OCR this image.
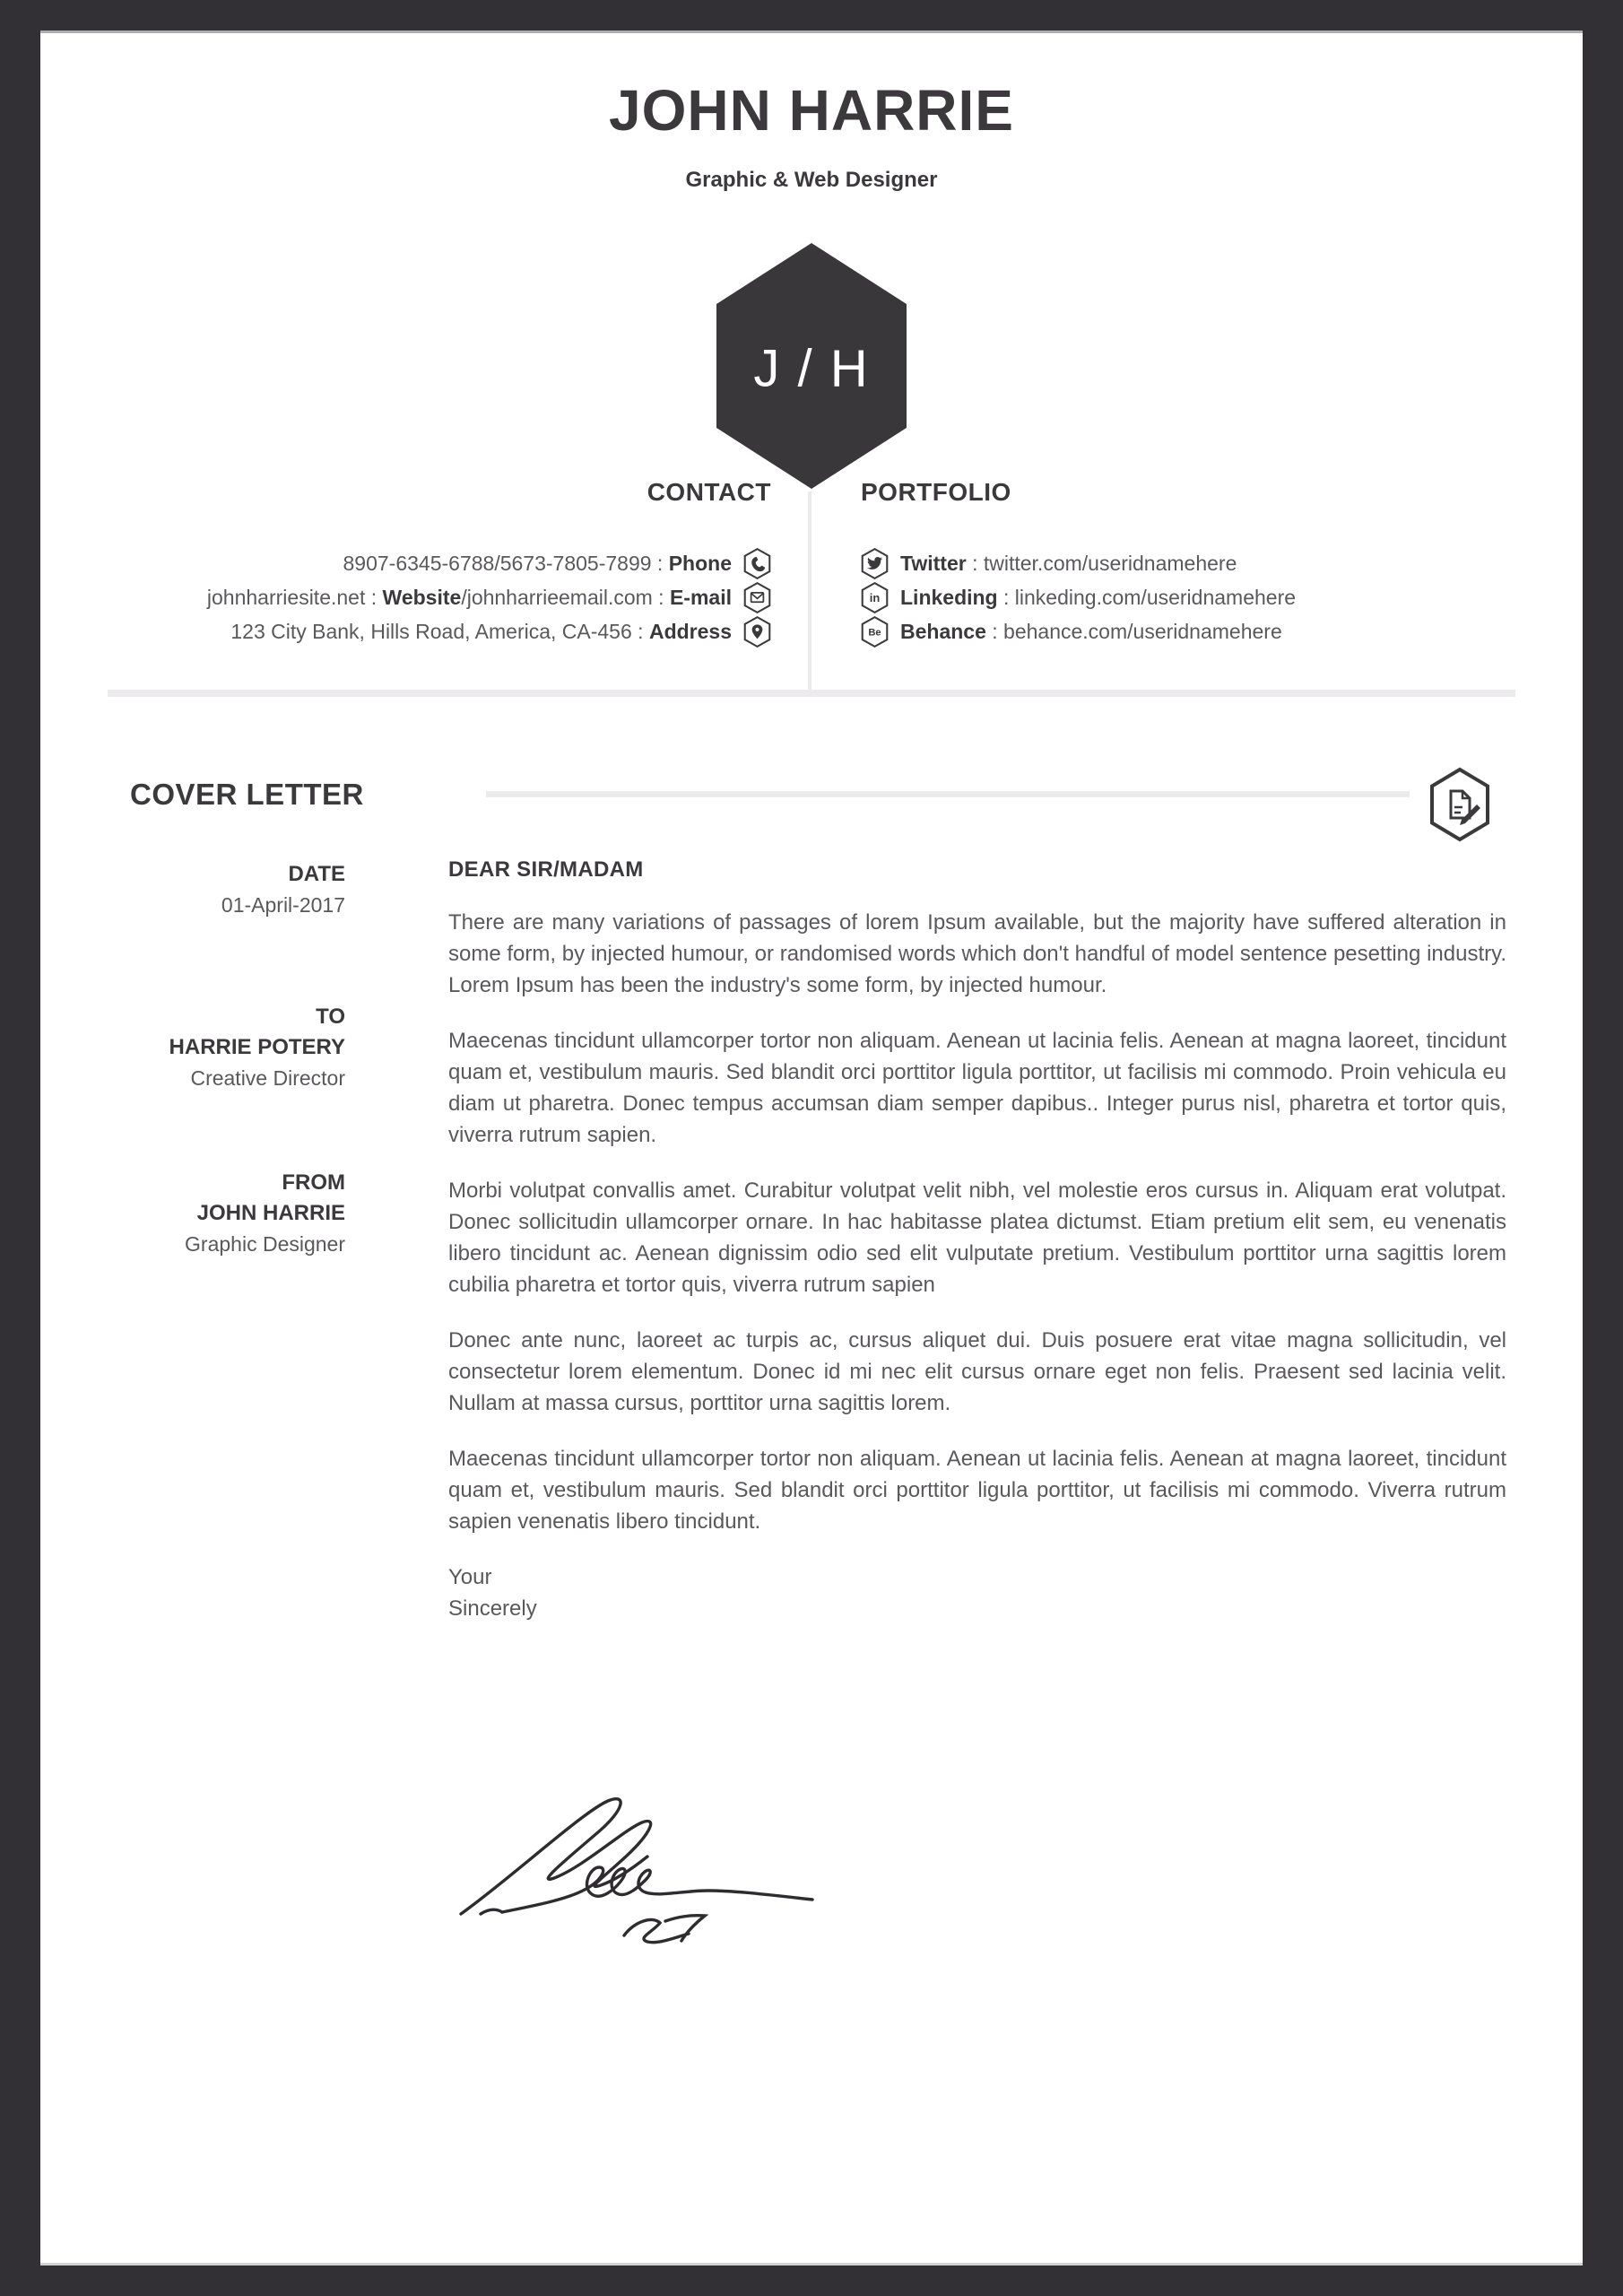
JOHN HARRIE
Graphic & Web Designer
J / H
CONTACT
8907-6345-6788/5673-7805-7899 : Phone
johnharriesite.net : Website/johnharrieemail.com : E-mail
123 City Bank, Hills Road, America, CA-456 : Address
PORTFOLIO
Twitter : twitter.com/useridnamehere
Linkeding : linkeding.com/useridnamehere
Behance : behance.com/useridnamehere
COVER LETTER
DATE
01-April-2017
TO
HARRIE POTERY
Creative Director
FROM
JOHN HARRIE
Graphic Designer
DEAR SIR/MADAM

There are many variations of passages of lorem Ipsum available, but the majority have suffered alteration in some form, by injected humour, or randomised words which don't handful of model sentence pesetting industry. Lorem Ipsum has been the industry's some form, by injected humour.

Maecenas tincidunt ullamcorper tortor non aliquam. Aenean ut lacinia felis. Aenean at magna laoreet, tincidunt quam et, vestibulum mauris. Sed blandit orci porttitor ligula porttitor, ut facilisis mi commodo. Proin vehicula eu diam ut pharetra. Donec tempus accumsan diam semper dapibus.. Integer purus nisl, pharetra et tortor quis, viverra rutrum sapien.

Morbi volutpat convallis amet. Curabitur volutpat velit nibh, vel molestie eros cursus in. Aliquam erat volutpat. Donec sollicitudin ullamcorper ornare. In hac habitasse platea dictumst. Etiam pretium elit sem, eu venenatis libero tincidunt ac. Aenean dignissim odio sed elit vulputate pretium. Vestibulum porttitor urna sagittis lorem cubilia pharetra et tortor quis, viverra rutrum sapien

Donec ante nunc, laoreet ac turpis ac, cursus aliquet dui. Duis posuere erat vitae magna sollicitudin, vel consectetur lorem elementum. Donec id mi nec elit cursus ornare eget non felis. Praesent sed lacinia velit. Nullam at massa cursus, porttitor urna sagittis lorem.

Maecenas tincidunt ullamcorper tortor non aliquam. Aenean ut lacinia felis. Aenean at magna laoreet, tincidunt quam et, vestibulum mauris. Sed blandit orci porttitor ligula porttitor, ut facilisis mi commodo. Viverra rutrum sapien venenatis libero tincidunt.

Your
Sincerely
